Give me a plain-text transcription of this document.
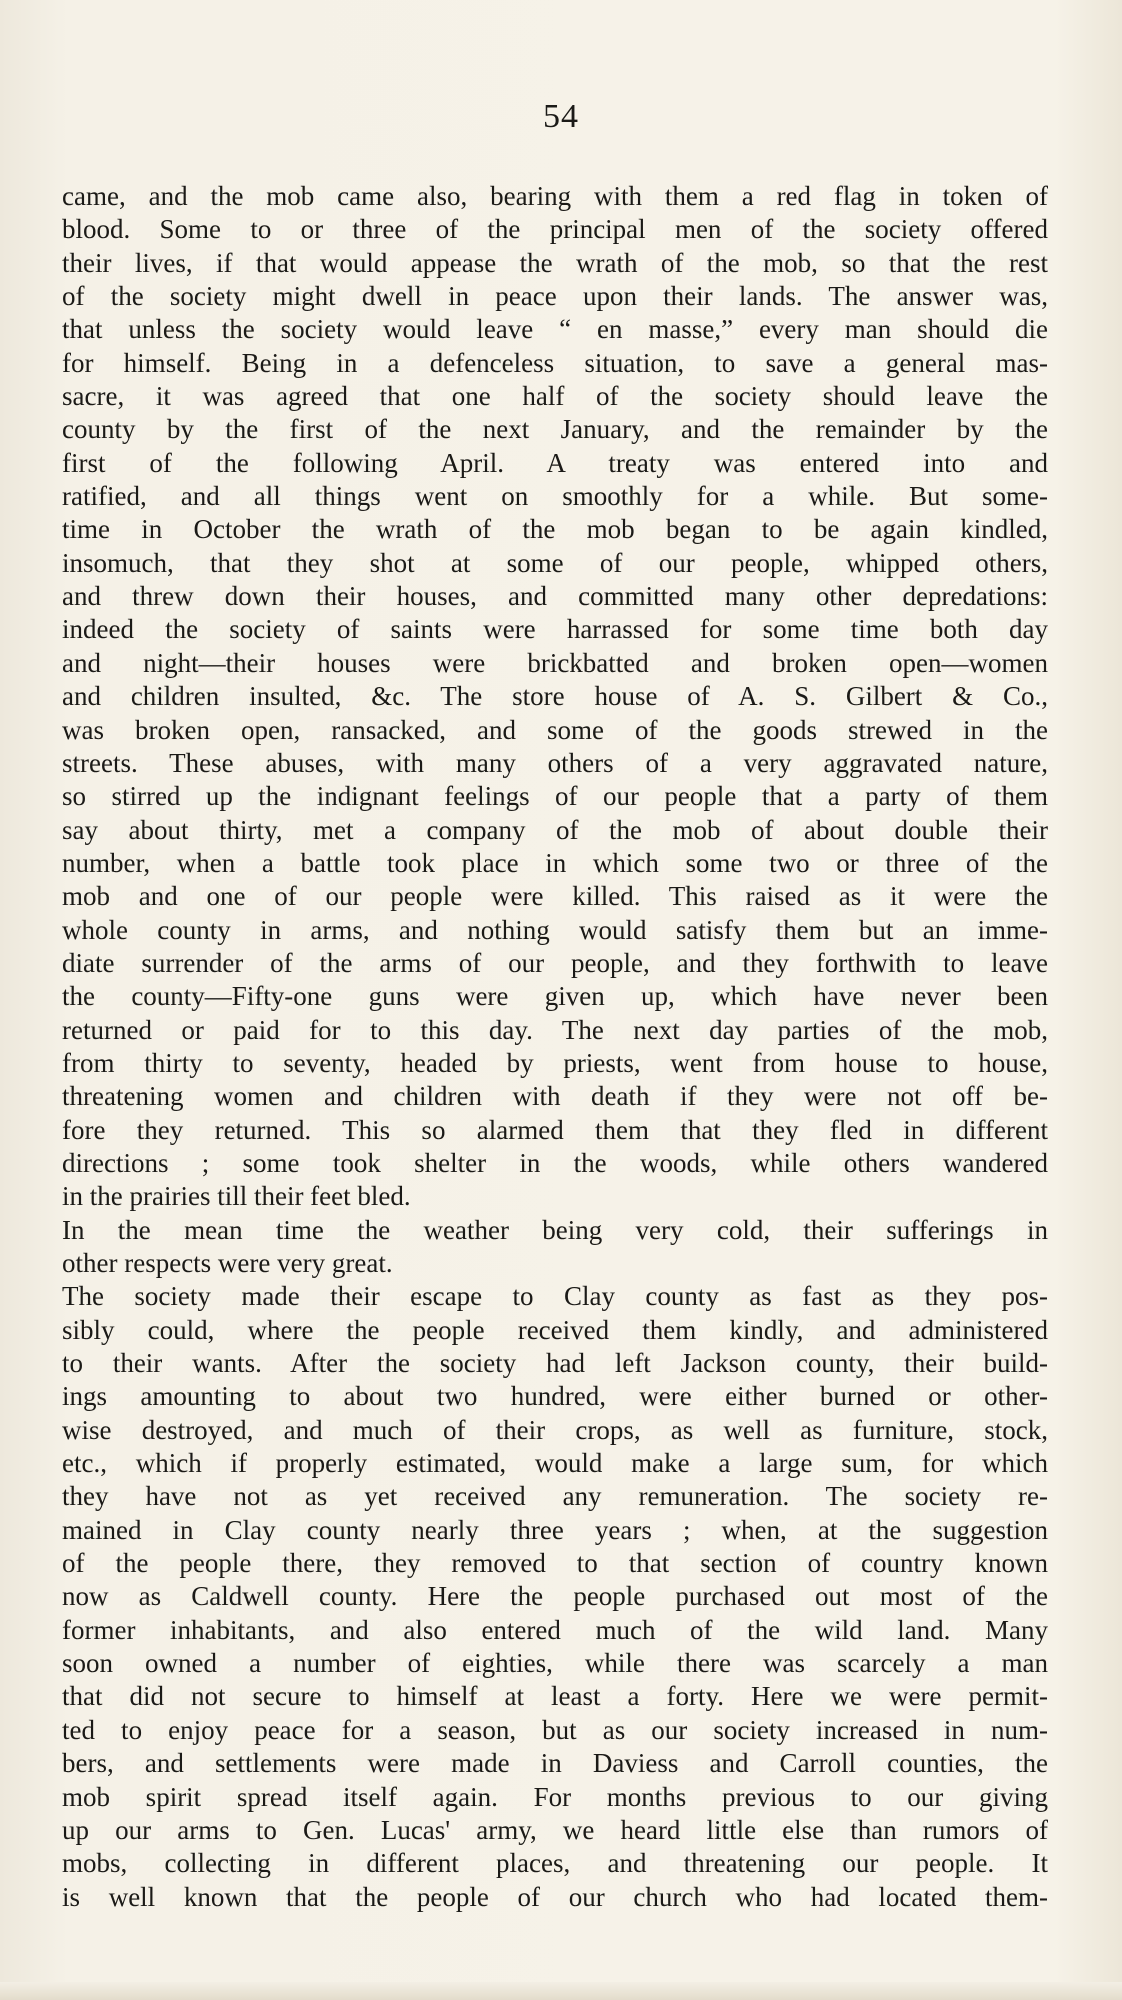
54
came, and the mob came also, bearing with them a red flag in token of
blood. Some to or three of the principal men of the society offered
their lives, if that would appease the wrath of the mob, so that the rest
of the society might dwell in peace upon their lands. The answer was,
that unless the society would leave “ en masse,” every man should die
for himself. Being in a defenceless situation, to save a general mas-
sacre, it was agreed that one half of the society should leave the
county by the first of the next January, and the remainder by the
first of the following April. A treaty was entered into and
ratified, and all things went on smoothly for a while. But some-
time in October the wrath of the mob began to be again kindled,
insomuch, that they shot at some of our people, whipped others,
and threw down their houses, and committed many other depredations:
indeed the society of saints were harrassed for some time both day
and night—their houses were brickbatted and broken open—women
and children insulted, &c. The store house of A. S. Gilbert & Co.,
was broken open, ransacked, and some of the goods strewed in the
streets. These abuses, with many others of a very aggravated nature,
so stirred up the indignant feelings of our people that a party of them
say about thirty, met a company of the mob of about double their
number, when a battle took place in which some two or three of the
mob and one of our people were killed. This raised as it were the
whole county in arms, and nothing would satisfy them but an imme-
diate surrender of the arms of our people, and they forthwith to leave
the county—Fifty-one guns were given up, which have never been
returned or paid for to this day. The next day parties of the mob,
from thirty to seventy, headed by priests, went from house to house,
threatening women and children with death if they were not off be-
fore they returned. This so alarmed them that they fled in different
directions ; some took shelter in the woods, while others wandered
in the prairies till their feet bled.
In the mean time the weather being very cold, their sufferings in
other respects were very great.
The society made their escape to Clay county as fast as they pos-
sibly could, where the people received them kindly, and administered
to their wants. After the society had left Jackson county, their build-
ings amounting to about two hundred, were either burned or other-
wise destroyed, and much of their crops, as well as furniture, stock,
etc., which if properly estimated, would make a large sum, for which
they have not as yet received any remuneration. The society re-
mained in Clay county nearly three years ; when, at the suggestion
of the people there, they removed to that section of country known
now as Caldwell county. Here the people purchased out most of the
former inhabitants, and also entered much of the wild land. Many
soon owned a number of eighties, while there was scarcely a man
that did not secure to himself at least a forty. Here we were permit-
ted to enjoy peace for a season, but as our society increased in num-
bers, and settlements were made in Daviess and Carroll counties, the
mob spirit spread itself again. For months previous to our giving
up our arms to Gen. Lucas' army, we heard little else than rumors of
mobs, collecting in different places, and threatening our people. It
is well known that the people of our church who had located them-
